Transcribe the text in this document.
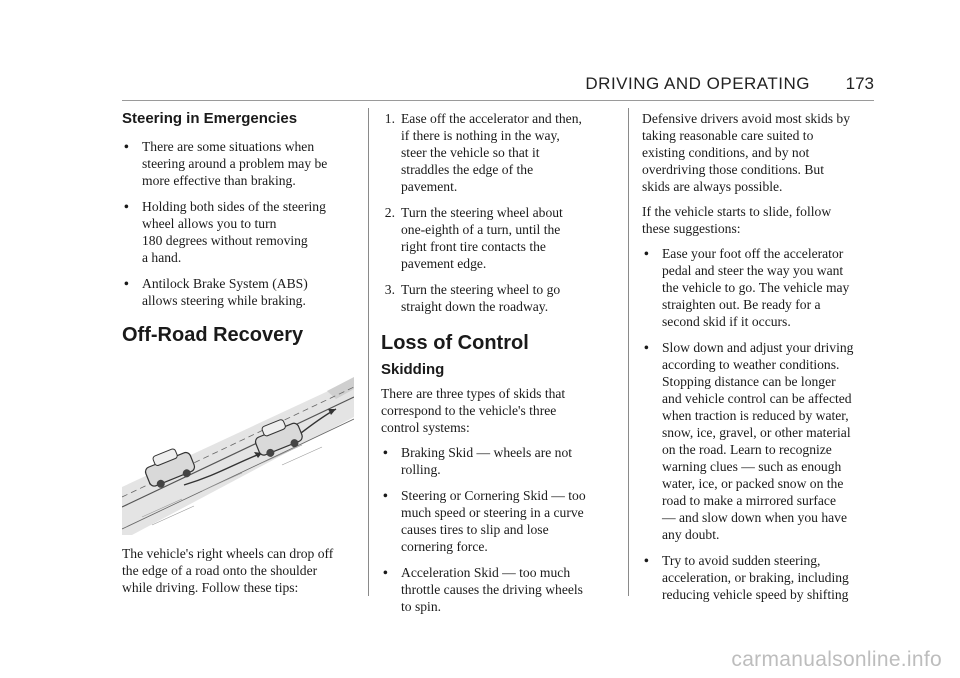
DRIVING AND OPERATING 173
Steering in Emergencies
• There are some situations when
steering around a problem may be
more effective than braking.
• Holding both sides of the steering
wheel allows you to turn
180 degrees without removing
a hand.
• Antilock Brake System (ABS)
allows steering while braking.
Off-Road Recovery

The vehicle's right wheels can drop off
the edge of a road onto the shoulder
while driving. Follow these tips:

1. Ease off the accelerator and then,
if there is nothing in the way,
steer the vehicle so that it
straddles the edge of the
pavement.
2. Turn the steering wheel about
one-eighth of a turn, until the
right front tire contacts the
pavement edge.
3. Turn the steering wheel to go
straight down the roadway.
Loss of Control
Skidding

There are three types of skids that
correspond to the vehicle's three
control systems:

• Braking Skid — wheels are not
rolling.
• Steering or Cornering Skid — too
much speed or steering in a curve
causes tires to slip and lose
cornering force.
• Acceleration Skid — too much
throttle causes the driving wheels
to spin.

Defensive drivers avoid most skids by
taking reasonable care suited to
existing conditions, and by not
overdriving those conditions. But
skids are always possible.

If the vehicle starts to slide, follow
these suggestions:

• Ease your foot off the accelerator
pedal and steer the way you want
the vehicle to go. The vehicle may
straighten out. Be ready for a
second skid if it occurs.
• Slow down and adjust your driving
according to weather conditions.
Stopping distance can be longer
and vehicle control can be affected
when traction is reduced by water,
snow, ice, gravel, or other material
on the road. Learn to recognize
warning clues — such as enough
water, ice, or packed snow on the
road to make a mirrored surface
— and slow down when you have
any doubt.
• Try to avoid sudden steering,
acceleration, or braking, including
reducing vehicle speed by shifting
carmanualsonline.info
